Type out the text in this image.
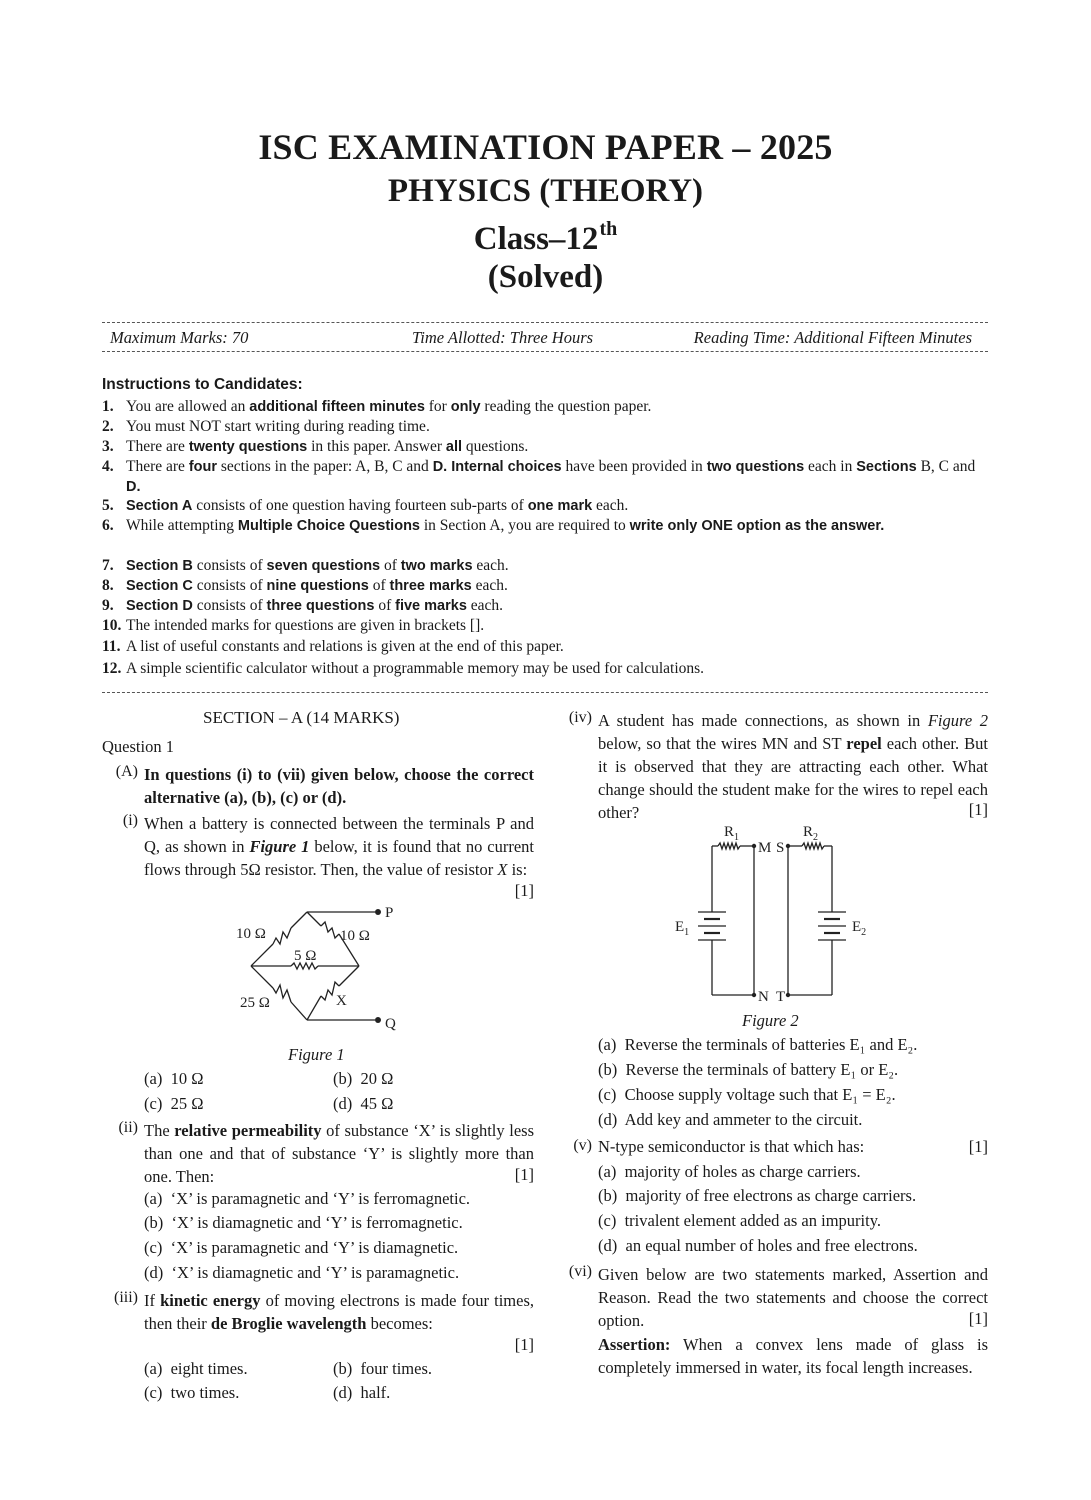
ISC EXAMINATION PAPER – 2025
PHYSICS (THEORY)
Class–12th
(Solved)
Maximum Marks: 70	Time Allotted: Three Hours	Reading Time: Additional Fifteen Minutes
Instructions to Candidates:
1. You are allowed an additional fifteen minutes for only reading the question paper.
2. You must NOT start writing during reading time.
3. There are twenty questions in this paper. Answer all questions.
4. There are four sections in the paper: A, B, C and D. Internal choices have been provided in two questions each in Sections B, C and D.
5. Section A consists of one question having fourteen sub-parts of one mark each.
6. While attempting Multiple Choice Questions in Section A, you are required to write only ONE option as the answer.
7. Section B consists of seven questions of two marks each.
8. Section C consists of nine questions of three marks each.
9. Section D consists of three questions of five marks each.
10. The intended marks for questions are given in brackets [].
11. A list of useful constants and relations is given at the end of this paper.
12. A simple scientific calculator without a programmable memory may be used for calculations.
SECTION – A (14 MARKS)
Question 1
In questions (i) to (vii) given below, choose the correct alternative (a), (b), (c) or (d).
(A)
(i) When a battery is connected between the terminals P and Q, as shown in Figure 1 below, it is found that no current flows through 5Ω resistor. Then, the value of resistor X is:
[1]
10 Ω	10 Ω
5 Ω
25 Ω	X
P
Q
Figure 1
(a) 10 Ω	(b) 20 Ω
(c) 25 Ω	(d) 45 Ω
(ii) The relative permeability of substance ‘X’ is slightly less than one and that of substance ‘Y’ is slightly more than one. Then:	[1]
(a) ‘X’ is paramagnetic and ‘Y’ is ferromagnetic.
(b) ‘X’ is diamagnetic and ‘Y’ is ferromagnetic.
(c) ‘X’ is paramagnetic and ‘Y’ is diamagnetic.
(d) ‘X’ is diamagnetic and ‘Y’ is paramagnetic.
(iii) If kinetic energy of moving electrons is made four times, then their de Broglie wavelength becomes:
[1]
(a) eight times.	(b) four times.
(c) two times.	(d) half.
(iv) A student has made connections, as shown in Figure 2 below, so that the wires MN and ST repel each other. But it is observed that they are attracting each other. What change should the student make for the wires to repel each other?	[1]
$R_1$	$R_2$
M S
N T
$E_1$	$E_2$
Figure 2
(a) Reverse the terminals of batteries E₁ and E₂.
(b) Reverse the terminals of battery E₁ or E₂.
(c) Choose supply voltage such that E₁ = E₂.
(d) Add key and ammeter to the circuit.
(v) N-type semiconductor is that which has:	[1]
(a) majority of holes as charge carriers.
(b) majority of free electrons as charge carriers.
(c) trivalent element added as an impurity.
(d) an equal number of holes and free electrons.
(vi) Given below are two statements marked, Assertion and Reason. Read the two statements and choose the correct option.	[1]
Assertion: When a convex lens made of glass is completely immersed in water, its focal length increases.
